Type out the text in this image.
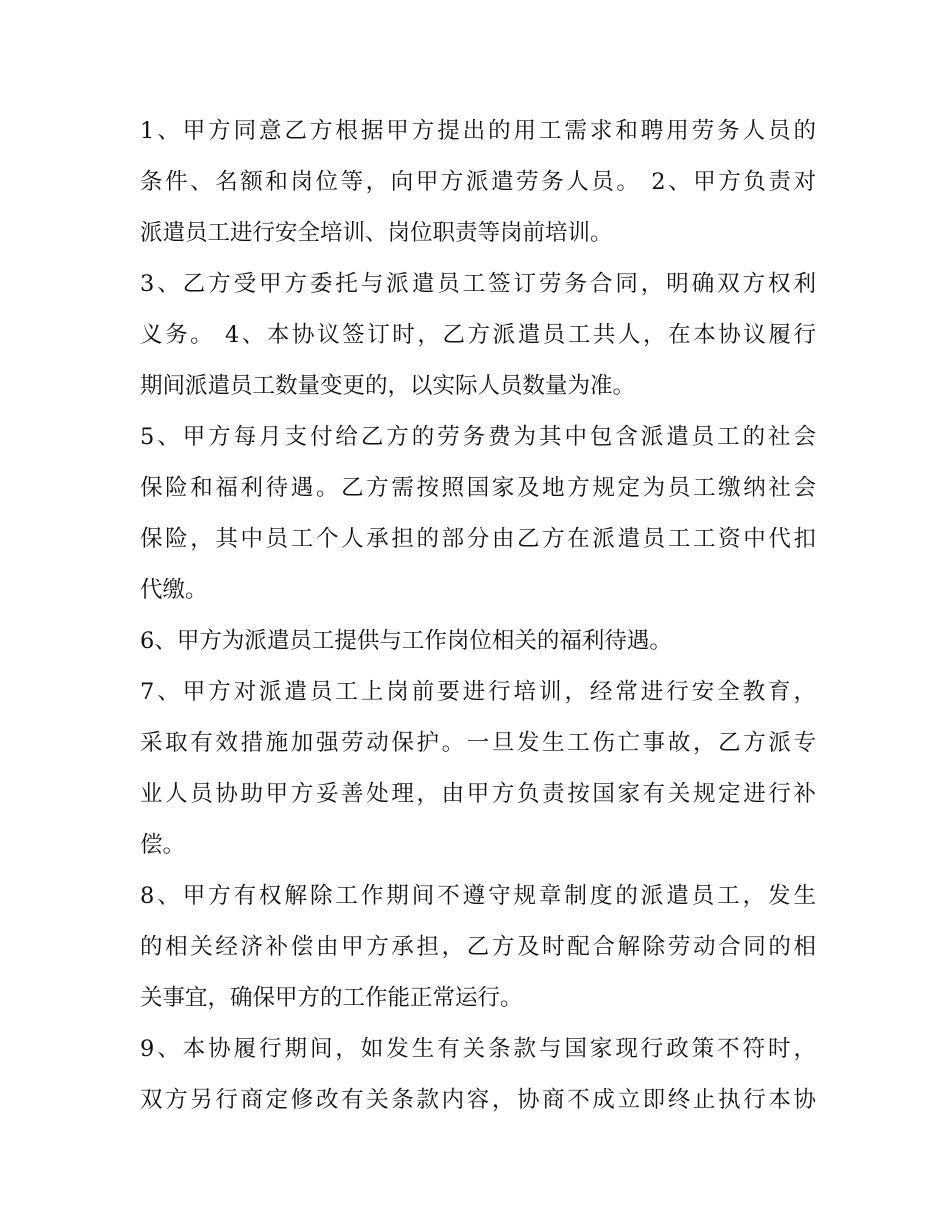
1、甲方同意乙方根据甲方提出的用工需求和聘用劳务人员的
条件、名额和岗位等，向甲方派遣劳务人员。 2、甲方负责对
派遣员工进行安全培训、岗位职责等岗前培训。
3、乙方受甲方委托与派遣员工签订劳务合同，明确双方权利
义务。 4、本协议签订时，乙方派遣员工共人，在本协议履行
期间派遣员工数量变更的，以实际人员数量为准。
5、甲方每月支付给乙方的劳务费为其中包含派遣员工的社会
保险和福利待遇。乙方需按照国家及地方规定为员工缴纳社会
保险，其中员工个人承担的部分由乙方在派遣员工工资中代扣
代缴。
6、甲方为派遣员工提供与工作岗位相关的福利待遇。
7、甲方对派遣员工上岗前要进行培训，经常进行安全教育，
采取有效措施加强劳动保护。一旦发生工伤亡事故，乙方派专
业人员协助甲方妥善处理，由甲方负责按国家有关规定进行补
偿。
8、甲方有权解除工作期间不遵守规章制度的派遣员工，发生
的相关经济补偿由甲方承担，乙方及时配合解除劳动合同的相
关事宜，确保甲方的工作能正常运行。
9、本协履行期间，如发生有关条款与国家现行政策不符时，
双方另行商定修改有关条款内容，协商不成立即终止执行本协
